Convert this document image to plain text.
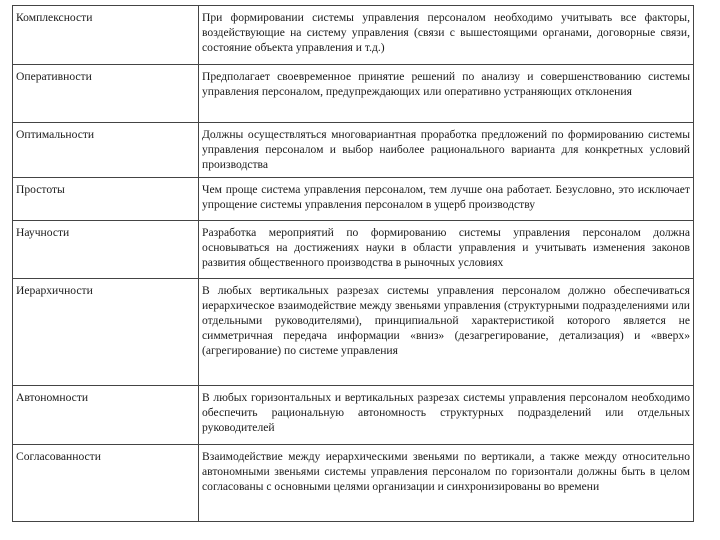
Комплексности	При формировании системы управления персоналом необходимо учитывать все факторы, воздействующие на систему управления (связи с вышестоящими органами, договорные связи, состояние объекта управления и т.д.)
Оперативности	Предполагает своевременное принятие решений по анализу и совершенствованию системы управления персоналом, предупреждающих или оперативно устраняющих отклонения
Оптимальности	Должны осуществляться многовариантная проработка предложений по формированию системы управления персоналом и выбор наиболее рационального варианта для конкретных условий производства
Простоты	Чем проще система управления персоналом, тем лучше она работает. Безусловно, это исключает упрощение системы управления персоналом в ущерб производству
Научности	Разработка мероприятий по формированию системы управления персоналом должна основываться на достижениях науки в области управления и учитывать изменения законов развития общественного производства в рыночных условиях
Иерархичности	В любых вертикальных разрезах системы управления персоналом должно обеспечиваться иерархическое взаимодействие между звеньями управления (структурными подразделениями или отдельными руководителями), принципиальной характеристикой которого является не симметричная передача информации «вниз» (дезагрегирование, детализация) и «вверх» (агрегирование) по системе управления
Автономности	В любых горизонтальных и вертикальных разрезах системы управления персоналом необходимо обеспечить рациональную автономность структурных подразделений или отдельных руководителей
Согласованности	Взаимодействие между иерархическими звеньями по вертикали, а также между относительно автономными звеньями системы управления персоналом по горизонтали должны быть в целом согласованы с основными целями организации и синхронизированы во времени
